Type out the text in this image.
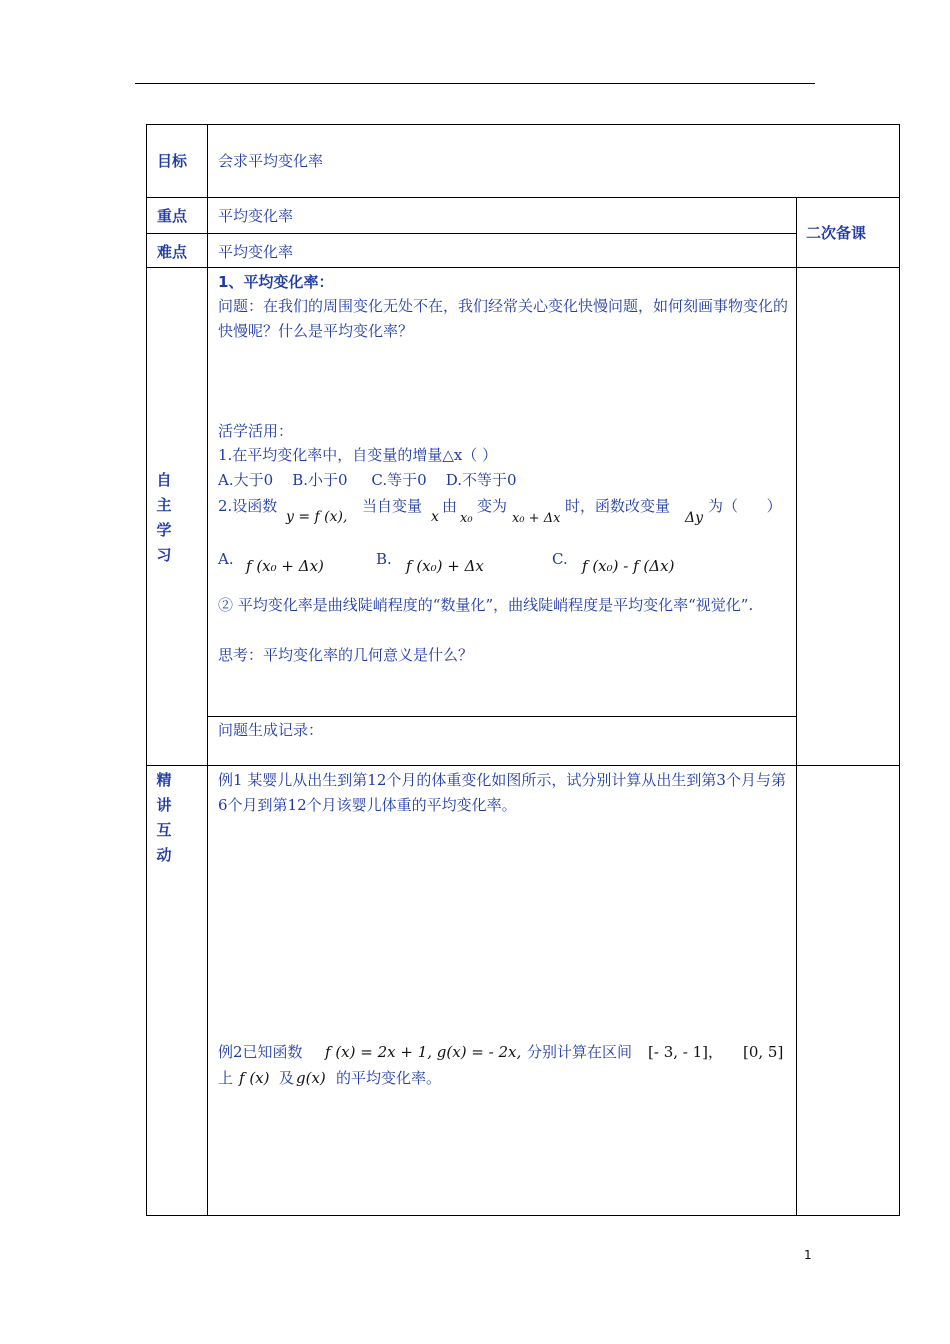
目标 会求平均变化率
重点 平均变化率
难点 平均变化率
二次备课
自
主
学
习
1、平均变化率：
问题：在我们的周围变化无处不在，我们经常关心变化快慢问题，如何刻画事物变化的快慢呢？什么是平均变化率？
活学活用：
1.在平均变化率中，自变量的增量△x（ ）
A.大于0    B.小于0     C.等于0    D.不等于0
2.设函数
y = f (x),
当自变量
x
由
x₀
变为
x₀ + Δx
时，函数改变量
Δy
为（      ）
A. f (x₀ + Δx)	B. f (x₀) + Δx	C. f (x₀) - f (Δx)
② 平均变化率是曲线陡峭程度的“数量化”，曲线陡峭程度是平均变化率“视觉化”.
思考：平均变化率的几何意义是什么？
问题生成记录：
精
讲
互
动
例1 某婴儿从出生到第12个月的体重变化如图所示，试分别计算从出生到第3个月与第6个月到第12个月该婴儿体重的平均变化率。
例2已知函数 f (x) = 2x + 1, g(x) = - 2x, 分别计算在区间 [- 3, - 1]， [0, 5]
上 f (x) 及 g(x) 的平均变化率。
1
